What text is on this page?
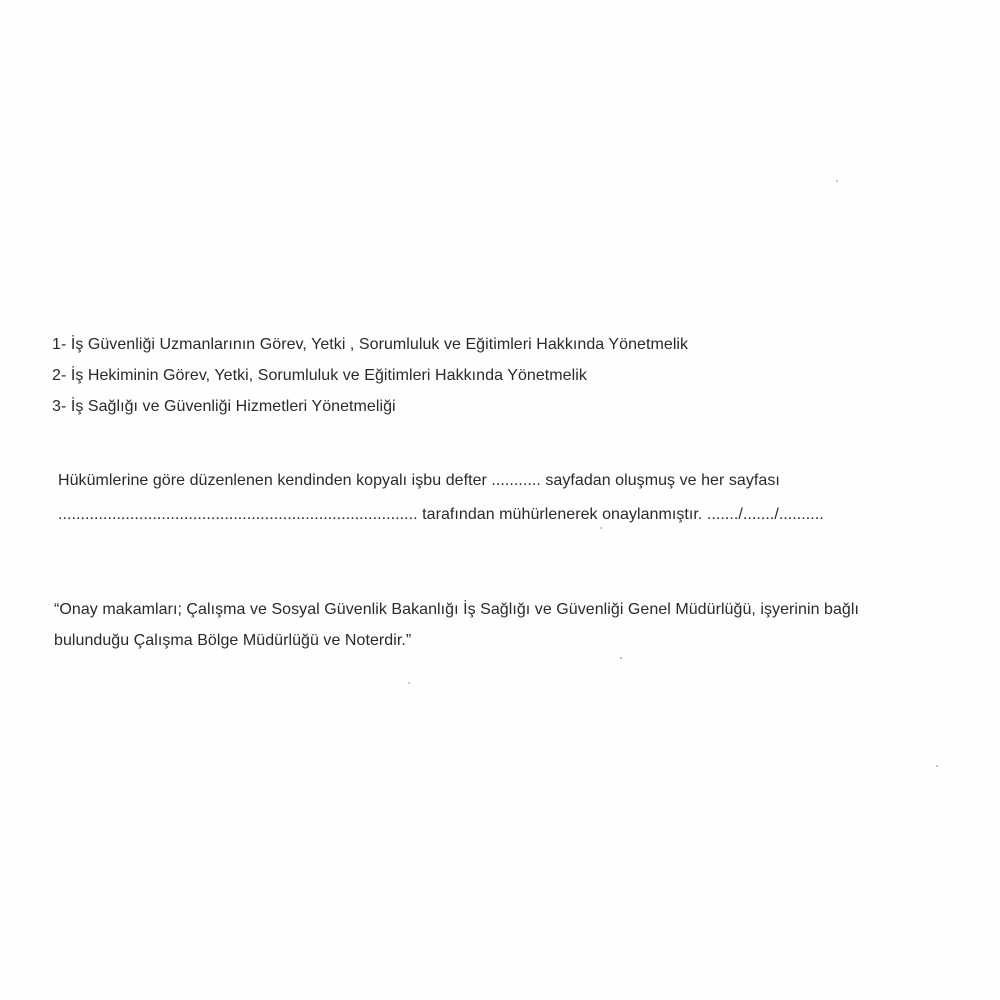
1- İş Güvenliği Uzmanlarının Görev, Yetki , Sorumluluk ve Eğitimleri Hakkında Yönetmelik
2- İş Hekiminin Görev, Yetki, Sorumluluk ve Eğitimleri Hakkında Yönetmelik
3- İş Sağlığı ve Güvenliği Hizmetleri Yönetmeliği
Hükümlerine göre düzenlenen kendinden kopyalı işbu defter ........... sayfadan oluşmuş ve her sayfası
................................................................................ tarafından mühürlenerek onaylanmıştır. ......./......./..........
“Onay makamları; Çalışma ve Sosyal Güvenlik Bakanlığı İş Sağlığı ve Güvenliği Genel Müdürlüğü, işyerinin bağlı
bulunduğu Çalışma Bölge Müdürlüğü ve Noterdir.”
